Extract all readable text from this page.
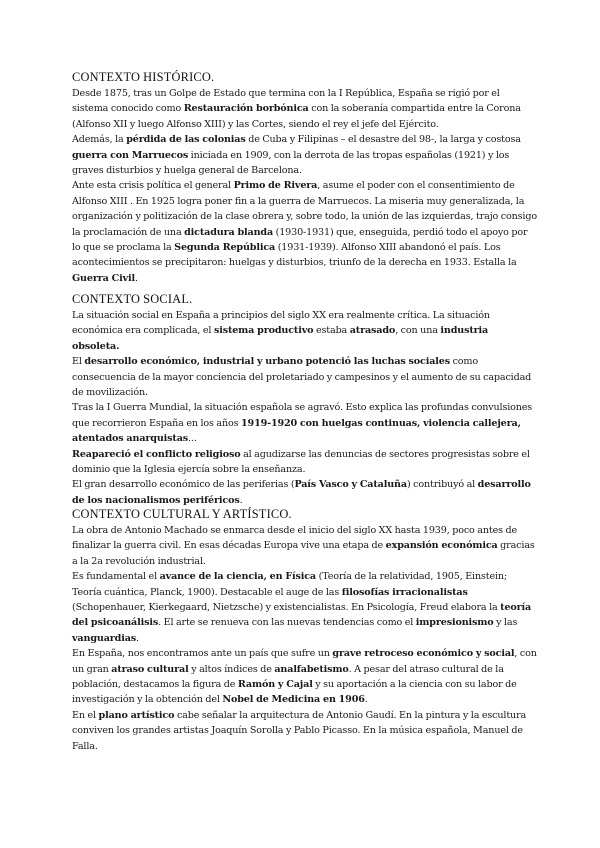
CONTEXTO HISTÓRICO.

Desde 1875, tras un Golpe de Estado que termina con la I República, España se rigió por el sistema conocido como Restauración borbónica con la soberanía compartida entre la Corona (Alfonso XII y luego Alfonso XIII) y las Cortes, siendo el rey el jefe del Ejército.

Además, la pérdida de las colonias de Cuba y Filipinas – el desastre del 98-, la larga y costosa guerra con Marruecos iniciada en 1909, con la derrota de las tropas españolas (1921) y los graves disturbios y huelga general de Barcelona.

Ante esta crisis política el general Primo de Rivera, asume el poder con el consentimiento de Alfonso XIII . En 1925 logra poner fin a la guerra de Marruecos. La miseria muy generalizada, la organización y politización de la clase obrera y, sobre todo, la unión de las izquierdas, trajo consigo la proclamación de una dictadura blanda (1930-1931) que, enseguida, perdió todo el apoyo por lo que se proclama la Segunda República (1931-1939). Alfonso XIII abandonó el país. Los acontecimientos se precipitaron: huelgas y disturbios, triunfo de la derecha en 1933. Estalla la Guerra Civil.

CONTEXTO SOCIAL.

La situación social en España a principios del siglo XX era realmente crítica. La situación económica era complicada, el sistema productivo estaba atrasado, con una industria obsoleta.

El desarrollo económico, industrial y urbano potenció las luchas sociales como consecuencia de la mayor conciencia del proletariado y campesinos y el aumento de su capacidad de movilización.

Tras la I Guerra Mundial, la situación española se agravó. Esto explica las profundas convulsiones que recorrieron España en los años 1919-1920 con huelgas continuas, violencia callejera, atentados anarquistas...

Reapareció el conflicto religioso al agudizarse las denuncias de sectores progresistas sobre el dominio que la Iglesia ejercía sobre la enseñanza.

El gran desarrollo económico de las periferias (País Vasco y Cataluña) contribuyó al desarrollo de los nacionalismos periféricos.

CONTEXTO CULTURAL Y ARTÍSTICO.

La obra de Antonio Machado se enmarca desde el inicio del siglo XX hasta 1939, poco antes de finalizar la guerra civil. En esas décadas Europa vive una etapa de expansión económica gracias a la 2a revolución industrial.

Es fundamental el avance de la ciencia, en Física (Teoría de la relatividad, 1905, Einstein; Teoría cuántica, Planck, 1900). Destacable el auge de las filosofías irracionalistas (Schopenhauer, Kierkegaard, Nietzsche) y existencialistas. En Psicología, Freud elabora la teoría del psicoanálisis. El arte se renueva con las nuevas tendencias como el impresionismo y las vanguardias.

En España, nos encontramos ante un país que sufre un grave retroceso económico y social, con un gran atraso cultural y altos índices de analfabetismo. A pesar del atraso cultural de la población, destacamos la figura de Ramón y Cajal y su aportación a la ciencia con su labor de investigación y la obtención del Nobel de Medicina en 1906.

En el plano artístico cabe señalar la arquitectura de Antonio Gaudí. En la pintura y la escultura conviven los grandes artistas Joaquín Sorolla y Pablo Picasso. En la música española, Manuel de Falla.
